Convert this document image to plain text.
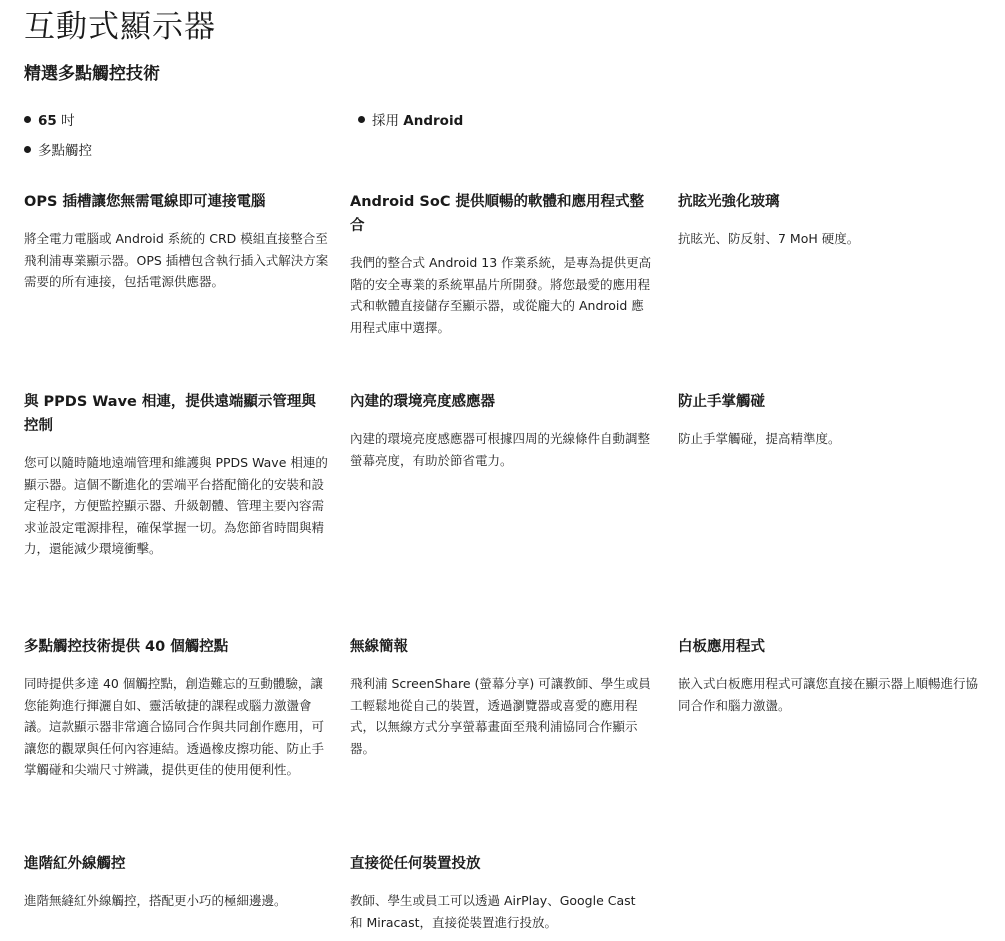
互動式顯示器
精選多點觸控技術
65 吋	採用 Android
多點觸控
OPS 插槽讓您無需電線即可連接電腦

將全電力電腦或 Android 系統的 CRD 模組直接整合至飛利浦專業顯示器。OPS 插槽包含執行插入式解決方案需要的所有連接，包括電源供應器。

Android SoC 提供順暢的軟體和應用程式整合

我們的整合式 Android 13 作業系統，是專為提供更高階的安全專業的系統單晶片所開發。將您最愛的應用程式和軟體直接儲存至顯示器，或從龐大的 Android 應用程式庫中選擇。

抗眩光強化玻璃

抗眩光、防反射、7 MoH 硬度。

與 PPDS Wave 相連，提供遠端顯示管理與控制

您可以隨時隨地遠端管理和維護與 PPDS Wave 相連的顯示器。這個不斷進化的雲端平台搭配簡化的安裝和設定程序，方便監控顯示器、升級韌體、管理主要內容需求並設定電源排程，確保掌握一切。為您節省時間與精力，還能減少環境衝擊。

內建的環境亮度感應器

內建的環境亮度感應器可根據四周的光線條件自動調整螢幕亮度，有助於節省電力。

防止手掌觸碰

防止手掌觸碰，提高精準度。

多點觸控技術提供 40 個觸控點

同時提供多達 40 個觸控點，創造難忘的互動體驗，讓您能夠進行揮灑自如、靈活敏捷的課程或腦力激盪會議。這款顯示器非常適合協同合作與共同創作應用，可讓您的觀眾與任何內容連結。透過橡皮擦功能、防止手掌觸碰和尖端尺寸辨識，提供更佳的使用便利性。

無線簡報

飛利浦 ScreenShare (螢幕分享) 可讓教師、學生或員工輕鬆地從自己的裝置，透過瀏覽器或喜愛的應用程式，以無線方式分享螢幕畫面至飛利浦協同合作顯示器。

白板應用程式

嵌入式白板應用程式可讓您直接在顯示器上順暢進行協同合作和腦力激盪。

進階紅外線觸控

進階無縫紅外線觸控，搭配更小巧的極細邊邊。

直接從任何裝置投放

教師、學生或員工可以透過 AirPlay、Google Cast 和 Miracast，直接從裝置進行投放。
